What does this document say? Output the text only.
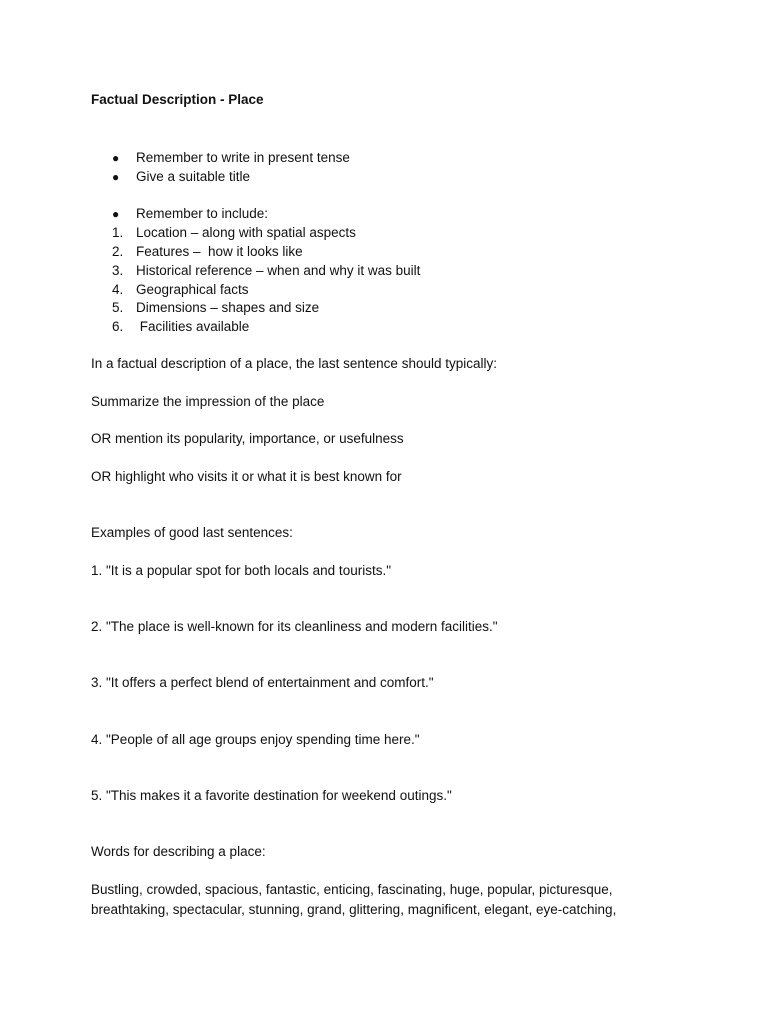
Factual Description - Place
● Remember to write in present tense
● Give a suitable title
● Remember to include:
1. Location – along with spatial aspects
2. Features –  how it looks like
3. Historical reference – when and why it was built
4. Geographical facts
5. Dimensions – shapes and size
6. Facilities available
In a factual description of a place, the last sentence should typically:
Summarize the impression of the place
OR mention its popularity, importance, or usefulness
OR highlight who visits it or what it is best known for
Examples of good last sentences:
1. "It is a popular spot for both locals and tourists."
2. "The place is well-known for its cleanliness and modern facilities."
3. "It offers a perfect blend of entertainment and comfort."
4. "People of all age groups enjoy spending time here."
5. "This makes it a favorite destination for weekend outings."
Words for describing a place:
Bustling, crowded, spacious, fantastic, enticing, fascinating, huge, popular, picturesque, breathtaking, spectacular, stunning, grand, glittering, magnificent, elegant, eye-catching,
